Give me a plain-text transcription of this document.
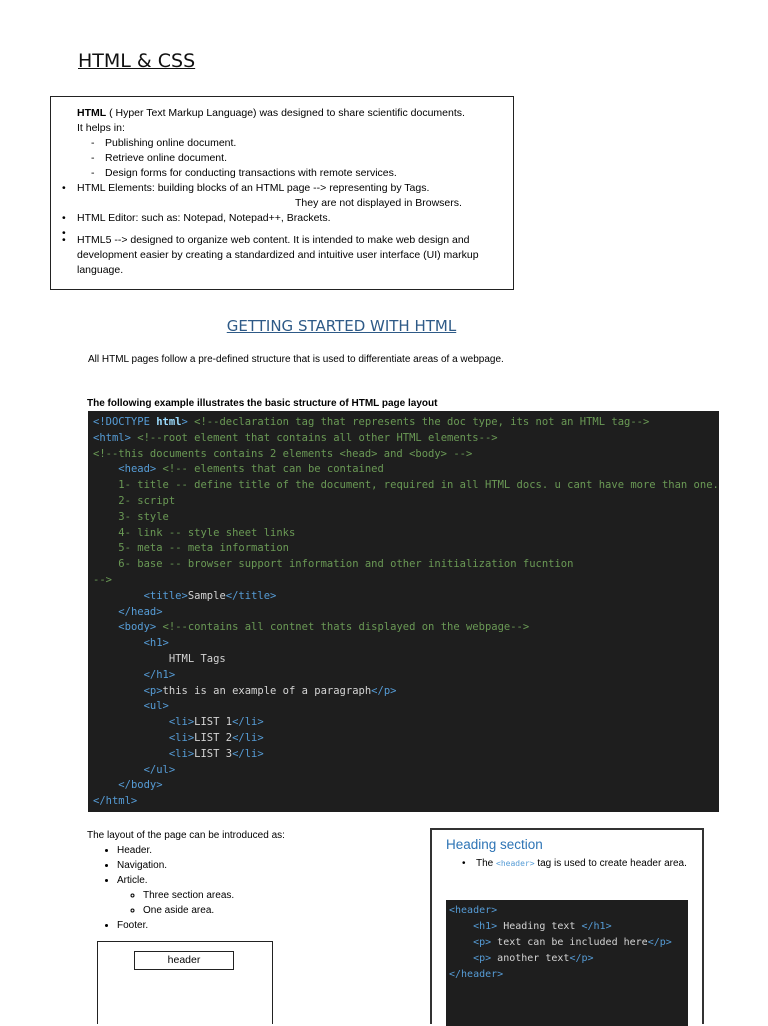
HTML & CSS
HTML ( Hyper Text Markup Language) was designed to share scientific documents.
It helps in:
- Publishing online document.
- Retrieve online document.
- Design forms for conducting transactions with remote services.
• HTML Elements: building blocks of an HTML page --> representing by Tags.
They are not displayed in Browsers.
• HTML Editor: such as: Notepad, Notepad++, Brackets.
•
• HTML5 --> designed to organize web content. It is intended to make web design and development easier by creating a standardized and intuitive user interface (UI) markup language.
GETTING STARTED WITH HTML
All HTML pages follow a pre-defined structure that is used to differentiate areas of a webpage.
The following example illustrates the basic structure of HTML page layout
<!DOCTYPE html> <!--declaration tag that represents the doc type, its not an HTML tag-->
<html> <!--root element that contains all other HTML elements-->
<!--this documents contains 2 elements <head> and <body> -->
<head> <!-- elements that can be contained
1- title -- define title of the document, required in all HTML docs. u cant have more than one.
2- script
3- style
4- link -- style sheet links
5- meta -- meta information
6- base -- browser support information and other initialization fucntion
-->
<title>Sample</title>
</head>
<body> <!--contains all contnet thats displayed on the webpage-->
<h1>
HTML Tags
</h1>
<p>this is an example of a paragraph</p>
<ul>
<li>LIST 1</li>
<li>LIST 2</li>
<li>LIST 3</li>
</ul>
</body>
</html>
The layout of the page can be introduced as:
• Header.
• Navigation.
• Article.
◦ Three section areas.
◦ One aside area.
• Footer.
header
Heading section
• The <header> tag is used to create header area.
<header>
<h1> Heading text </h1>
<p> text can be included here</p>
<p> another text</p>
</header>
